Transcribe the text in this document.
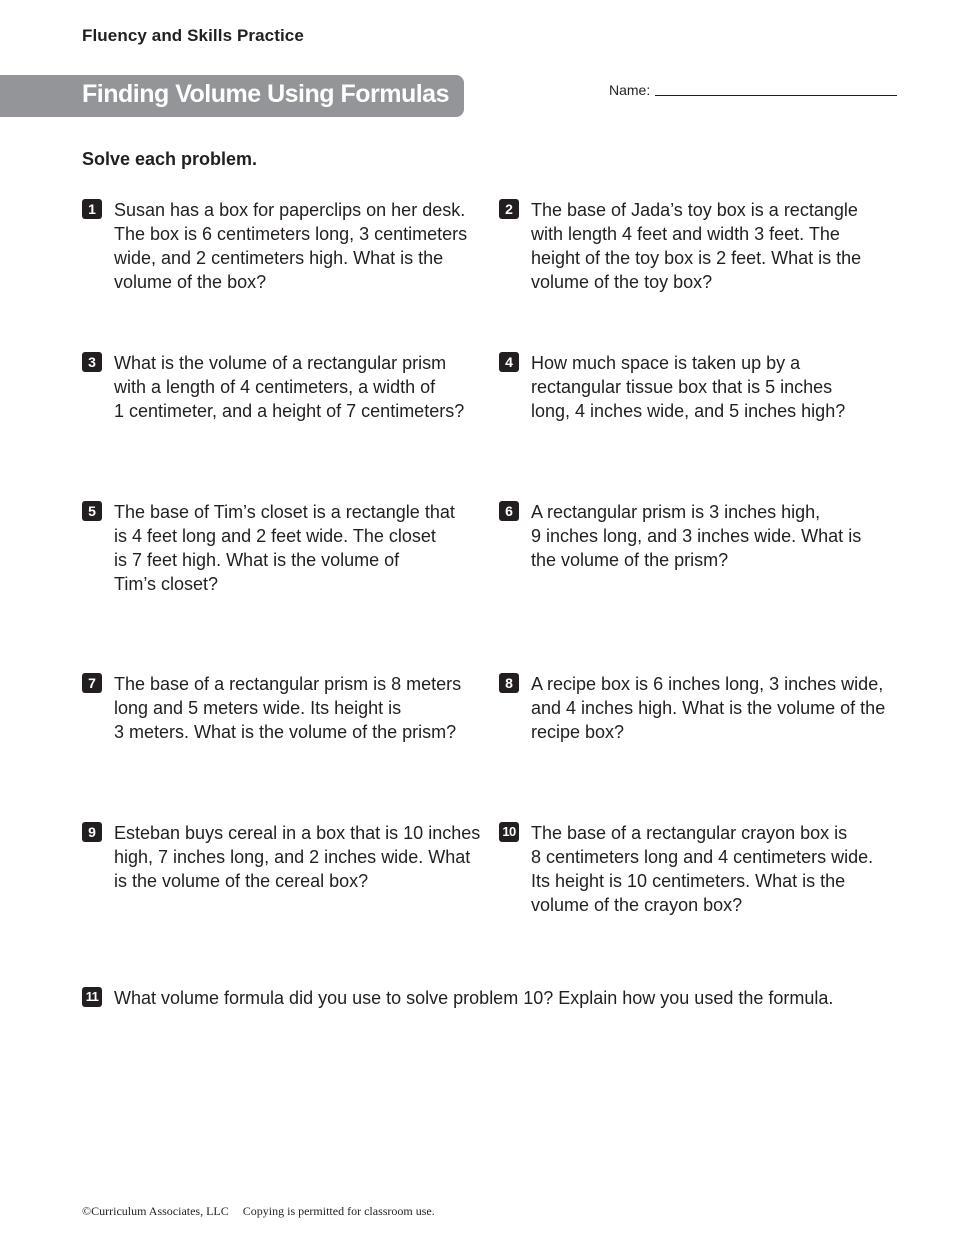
Fluency and Skills Practice
Finding Volume Using Formulas	Name:
Solve each problem.
1	Susan has a box for paperclips on her desk.
The box is 6 centimeters long, 3 centimeters
wide, and 2 centimeters high. What is the
volume of the box?
2	The base of Jada’s toy box is a rectangle
with length 4 feet and width 3 feet. The
height of the toy box is 2 feet. What is the
volume of the toy box?
3	What is the volume of a rectangular prism
with a length of 4 centimeters, a width of
1 centimeter, and a height of 7 centimeters?
4	How much space is taken up by a
rectangular tissue box that is 5 inches
long, 4 inches wide, and 5 inches high?
5	The base of Tim’s closet is a rectangle that
is 4 feet long and 2 feet wide. The closet
is 7 feet high. What is the volume of
Tim’s closet?
6	A rectangular prism is 3 inches high,
9 inches long, and 3 inches wide. What is
the volume of the prism?
7	The base of a rectangular prism is 8 meters
long and 5 meters wide. Its height is
3 meters. What is the volume of the prism?
8	A recipe box is 6 inches long, 3 inches wide,
and 4 inches high. What is the volume of the
recipe box?
9	Esteban buys cereal in a box that is 10 inches
high, 7 inches long, and 2 inches wide. What
is the volume of the cereal box?
10 The base of a rectangular crayon box is
8 centimeters long and 4 centimeters wide.
Its height is 10 centimeters. What is the
volume of the crayon box?
11 What volume formula did you use to solve problem 10? Explain how you used the formula.
©Curriculum Associates, LLC Copying is permitted for classroom use.
